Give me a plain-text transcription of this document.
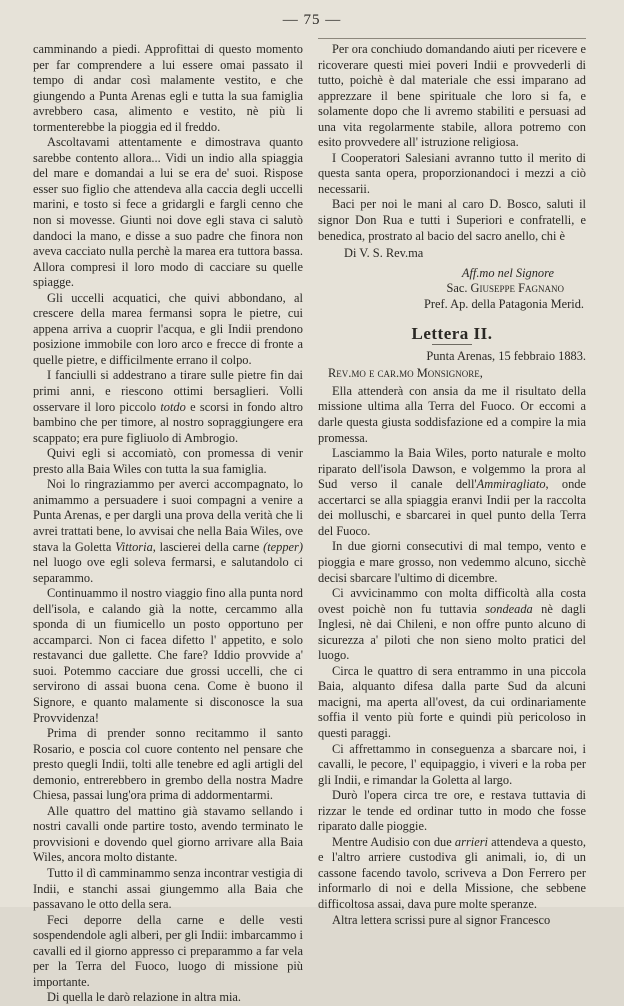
— 75 —

camminando a piedi. Approfittai di questo momento per far comprendere a lui essere omai passato il tempo di andar così malamente vestito, e che giungendo a Punta Arenas egli e tutta la sua famiglia avrebbero casa, alimento e vestito, nè più li tormenterebbe la pioggia ed il freddo.

Ascoltavami attentamente e dimostrava quanto sarebbe contento allora... Vidi un indio alla spiaggia del mare e domandai a lui se era de' suoi. Rispose esser suo figlio che attendeva alla caccia degli uccelli marini, e tosto si fece a gridargli e fargli cenno che non si movesse. Giunti noi dove egli stava ci salutò dandoci la mano, e disse a suo padre che finora non aveva cacciato nulla perchè la marea era tuttora bassa. Allora compresi il loro modo di cacciare su quelle spiagge.

Gli uccelli acquatici, che quivi abbondano, al crescere della marea fermansi sopra le pietre, cui appena arriva a cuoprir l'acqua, e gli Indii prendono posizione immobile con loro arco e frecce di fronte a quelle pietre, e difficilmente errano il colpo.

I fanciulli si addestrano a tirare sulle pietre fin dai primi anni, e riescono ottimi bersaglieri. Volli osservare il loro piccolo totdo e scorsi in fondo altro bambino che per timore, al nostro sopraggiungere era scappato; era pure figliuolo di Ambrogio.

Quivi egli si accomiatò, con promessa di venir presto alla Baia Wiles con tutta la sua famiglia.

Noi lo ringraziammo per averci accompagnato, lo animammo a persuadere i suoi compagni a venire a Punta Arenas, e per dargli una prova della verità che li avrei trattati bene, lo avvisai che nella Baia Wiles, ove stava la Goletta Vittoria, lascierei della carne (tepper) nel luogo ove egli soleva fermarsi, e salutandolo ci separammo.

Continuammo il nostro viaggio fino alla punta nord dell'isola, e calando già la notte, cercammo alla sponda di un fiumicello un posto opportuno per accamparci. Non ci facea difetto l' appetito, e solo restavanci due gallette. Che fare? Iddio provvide a' suoi. Potemmo cacciare due grossi uccelli, che ci servirono di assai buona cena. Come è buono il Signore, e quanto malamente si disconosce la sua Provvidenza!

Prima di prender sonno recitammo il santo Rosario, e poscia col cuore contento nel pensare che presto quegli Indii, tolti alle tenebre ed agli artigli del demonio, entrerebbero in grembo della nostra Madre Chiesa, passai lung'ora prima di addormentarmi.

Alle quattro del mattino già stavamo sellando i nostri cavalli onde partire tosto, avendo terminato le provvisioni e dovendo quel giorno arrivare alla Baia Wiles, ancora molto distante.

Tutto il dì camminammo senza incontrar vestigia di Indii, e stanchi assai giungemmo alla Baia che passavano le otto della sera.

Feci deporre della carne e delle vesti sospendendole agli alberi, per gli Indii: imbarcammo i cavalli ed il giorno appresso ci preparammo a far vela per la Terra del Fuoco, luogo di missione più importante.

Di quella le darò relazione in altra mia.

Per ora conchiudo domandando aiuti per ricevere e ricoverare questi miei poveri Indii e provvederli di tutto, poichè è dal materiale che essi imparano ad apprezzare il bene spirituale che loro si fa, e solamente dopo che li avremo stabiliti e persuasi ad una vita regolarmente stabile, allora potremo con esito provvedere all' istruzione religiosa.

I Cooperatori Salesiani avranno tutto il merito di questa santa opera, proporzionandoci i mezzi a ciò necessarii.

Baci per noi le mani al caro D. Bosco, saluti il signor Don Rua e tutti i Superiori e confratelli, e benedica, prostrato al bacio del sacro anello, chi è

Di V. S. Rev.ma

Aff.mo nel Signore

Sac. Giuseppe Fagnano

Pref. Ap. della Patagonia Merid.

Lettera II.

Punta Arenas, 15 febbraio 1883.

Rev.mo e car.mo Monsignore,

Ella attenderà con ansia da me il risultato della missione ultima alla Terra del Fuoco. Or eccomi a darle questa giusta soddisfazione ed a compire la mia promessa.

Lasciammo la Baia Wiles, porto naturale e molto riparato dell'isola Dawson, e volgemmo la prora al Sud verso il canale dell'Ammiragliato, onde accertarci se alla spiaggia eranvi Indii per la raccolta dei molluschi, e sbarcarei in quel punto della Terra del Fuoco.

In due giorni consecutivi di mal tempo, vento e pioggia e mare grosso, non vedemmo alcuno, sicchè decisi sbarcare l'ultimo di dicembre.

Ci avvicinammo con molta difficoltà alla costa ovest poichè non fu tuttavia sondeada nè dagli Inglesi, nè dai Chileni, e non offre punto alcuno di sicurezza a' piloti che non sieno molto pratici del luogo.

Circa le quattro di sera entrammo in una piccola Baia, alquanto difesa dalla parte Sud da alcuni macigni, ma aperta all'ovest, da cui ordinariamente soffia il vento più forte e quindi più pericoloso in questi paraggi.

Ci affrettammo in conseguenza a sbarcare noi, i cavalli, le pecore, l' equipaggio, i viveri e la roba per gli Indii, e rimandar la Goletta al largo.

Durò l'opera circa tre ore, e restava tuttavia di rizzar le tende ed ordinar tutto in modo che fosse riparato dalle pioggie.

Mentre Audisio con due arrieri attendeva a questo, e l'altro arriere custodiva gli animali, io, di un cassone facendo tavolo, scriveva a Don Ferrero per informarlo di noi e della Missione, che sebbene difficoltosa assai, dava pure molte speranze.

Altra lettera scrissi pure al signor Francesco
